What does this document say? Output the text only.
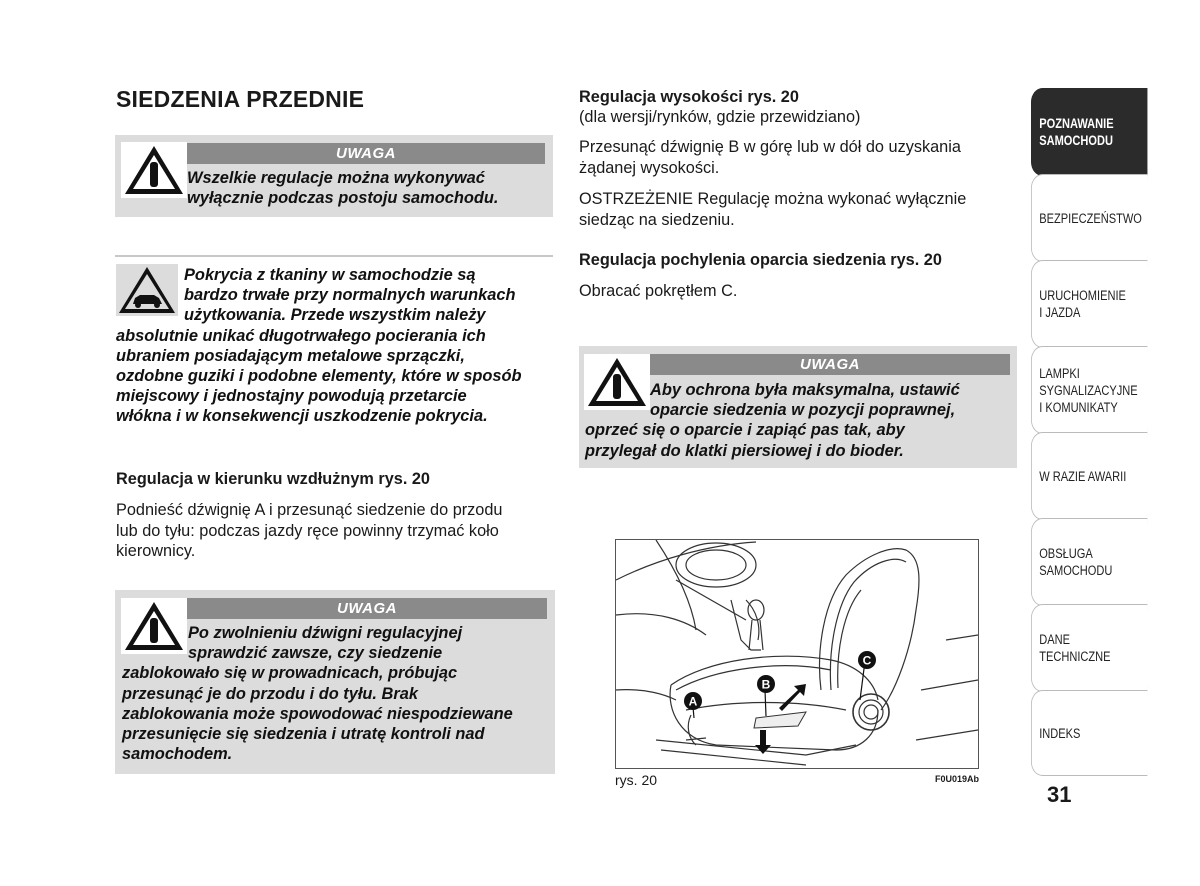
SIEDZENIA PRZEDNIE
UWAGA
Wszelkie regulacje można wykonywać wyłącznie podczas postoju samochodu.
Pokrycia z tkaniny w samochodzie są
bardzo trwałe przy normalnych warunkach
użytkowania. Przede wszystkim należy
absolutnie unikać długotrwałego pocierania ich
ubraniem posiadającym metalowe sprzączki,
ozdobne guziki i podobne elementy, które w sposób
miejscowy i jednostajny powodują przetarcie
włókna i w konsekwencji uszkodzenie pokrycia.
Regulacja w kierunku wzdłużnym rys. 20
Podnieść dźwignię A i przesunąć siedzenie do przodu
lub do tyłu: podczas jazdy ręce powinny trzymać koło
kierownicy.
UWAGA
Po zwolnieniu dźwigni regulacyjnej
sprawdzić zawsze, czy siedzenie
zablokowało się w prowadnicach, próbując
przesunąć je do przodu i do tyłu. Brak
zablokowania może spowodować niespodziewane
przesunięcie się siedzenia i utratę kontroli nad
samochodem.
Regulacja wysokości rys. 20
(dla wersji/rynków, gdzie przewidziano)
Przesunąć dźwignię B w górę lub w dół do uzyskania
żądanej wysokości.
OSTRZEŻENIE Regulację można wykonać wyłącznie
siedząc na siedzeniu.
Regulacja pochylenia oparcia siedzenia rys. 20
Obracać pokrętłem C.
UWAGA
Aby ochrona była maksymalna, ustawić
oparcie siedzenia w pozycji poprawnej,
oprzeć się o oparcie i zapiąć pas tak, aby
przylegał do klatki piersiowej i do bioder.
C
B
A
rys. 20	F0U019Ab
POZNAWANIE
SAMOCHODU
BEZPIECZEŃSTWO
URUCHOMIENIE
I JAZDA
LAMPKI
SYGNALIZACYJNE
I KOMUNIKATY
W RAZIE AWARII
OBSŁUGA
SAMOCHODU
DANE
TECHNICZNE
INDEKS
31
